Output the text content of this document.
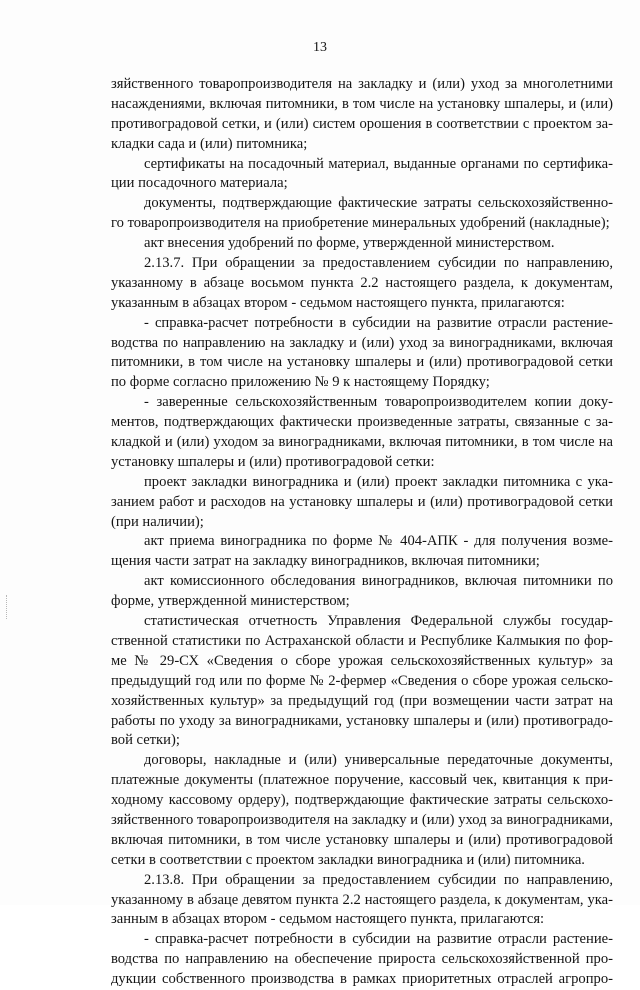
13
зяйственного товаропроизводителя на закладку и (или) уход за многолетними
насаждениями, включая питомники, в том числе на установку шпалеры, и (или)
противоградовой сетки, и (или) систем орошения в соответствии с проектом за-
кладки сада и (или) питомника;
сертификаты на посадочный материал, выданные органами по сертифика-
ции посадочного материала;
документы, подтверждающие фактические затраты сельскохозяйственно-
го товаропроизводителя на приобретение минеральных удобрений (накладные);
акт внесения удобрений по форме, утвержденной министерством.
2.13.7. При обращении за предоставлением субсидии по направлению,
указанному в абзаце восьмом пункта 2.2 настоящего раздела, к документам,
указанным в абзацах втором - седьмом настоящего пункта, прилагаются:
- справка-расчет потребности в субсидии на развитие отрасли растение-
водства по направлению на закладку и (или) уход за виноградниками, включая
питомники, в том числе на установку шпалеры и (или) противоградовой сетки
по форме согласно приложению № 9 к настоящему Порядку;
- заверенные сельскохозяйственным товаропроизводителем копии доку-
ментов, подтверждающих фактически произведенные затраты, связанные с за-
кладкой и (или) уходом за виноградниками, включая питомники, в том числе на
установку шпалеры и (или) противоградовой сетки:
проект закладки виноградника и (или) проект закладки питомника с ука-
занием работ и расходов на установку шпалеры и (или) противоградовой сетки
(при наличии);
акт приема виноградника по форме № 404-АПК - для получения возме-
щения части затрат на закладку виноградников, включая питомники;
акт комиссионного обследования виноградников, включая питомники по
форме, утвержденной министерством;
статистическая отчетность Управления Федеральной службы государ-
ственной статистики по Астраханской области и Республике Калмыкия по фор-
ме № 29-СХ «Сведения о сборе урожая сельскохозяйственных культур» за
предыдущий год или по форме № 2-фермер «Сведения о сборе урожая сельско-
хозяйственных культур» за предыдущий год (при возмещении части затрат на
работы по уходу за виноградниками, установку шпалеры и (или) противоградо-
вой сетки);
договоры, накладные и (или) универсальные передаточные документы,
платежные документы (платежное поручение, кассовый чек, квитанция к при-
ходному кассовому ордеру), подтверждающие фактические затраты сельскохо-
зяйственного товаропроизводителя на закладку и (или) уход за виноградниками,
включая питомники, в том числе установку шпалеры и (или) противоградовой
сетки в соответствии с проектом закладки виноградника и (или) питомника.
2.13.8. При обращении за предоставлением субсидии по направлению,
указанному в абзаце девятом пункта 2.2 настоящего раздела, к документам, ука-
занным в абзацах втором - седьмом настоящего пункта, прилагаются:
- справка-расчет потребности в субсидии на развитие отрасли растение-
водства по направлению на обеспечение прироста сельскохозяйственной про-
дукции собственного производства в рамках приоритетных отраслей агропро-
